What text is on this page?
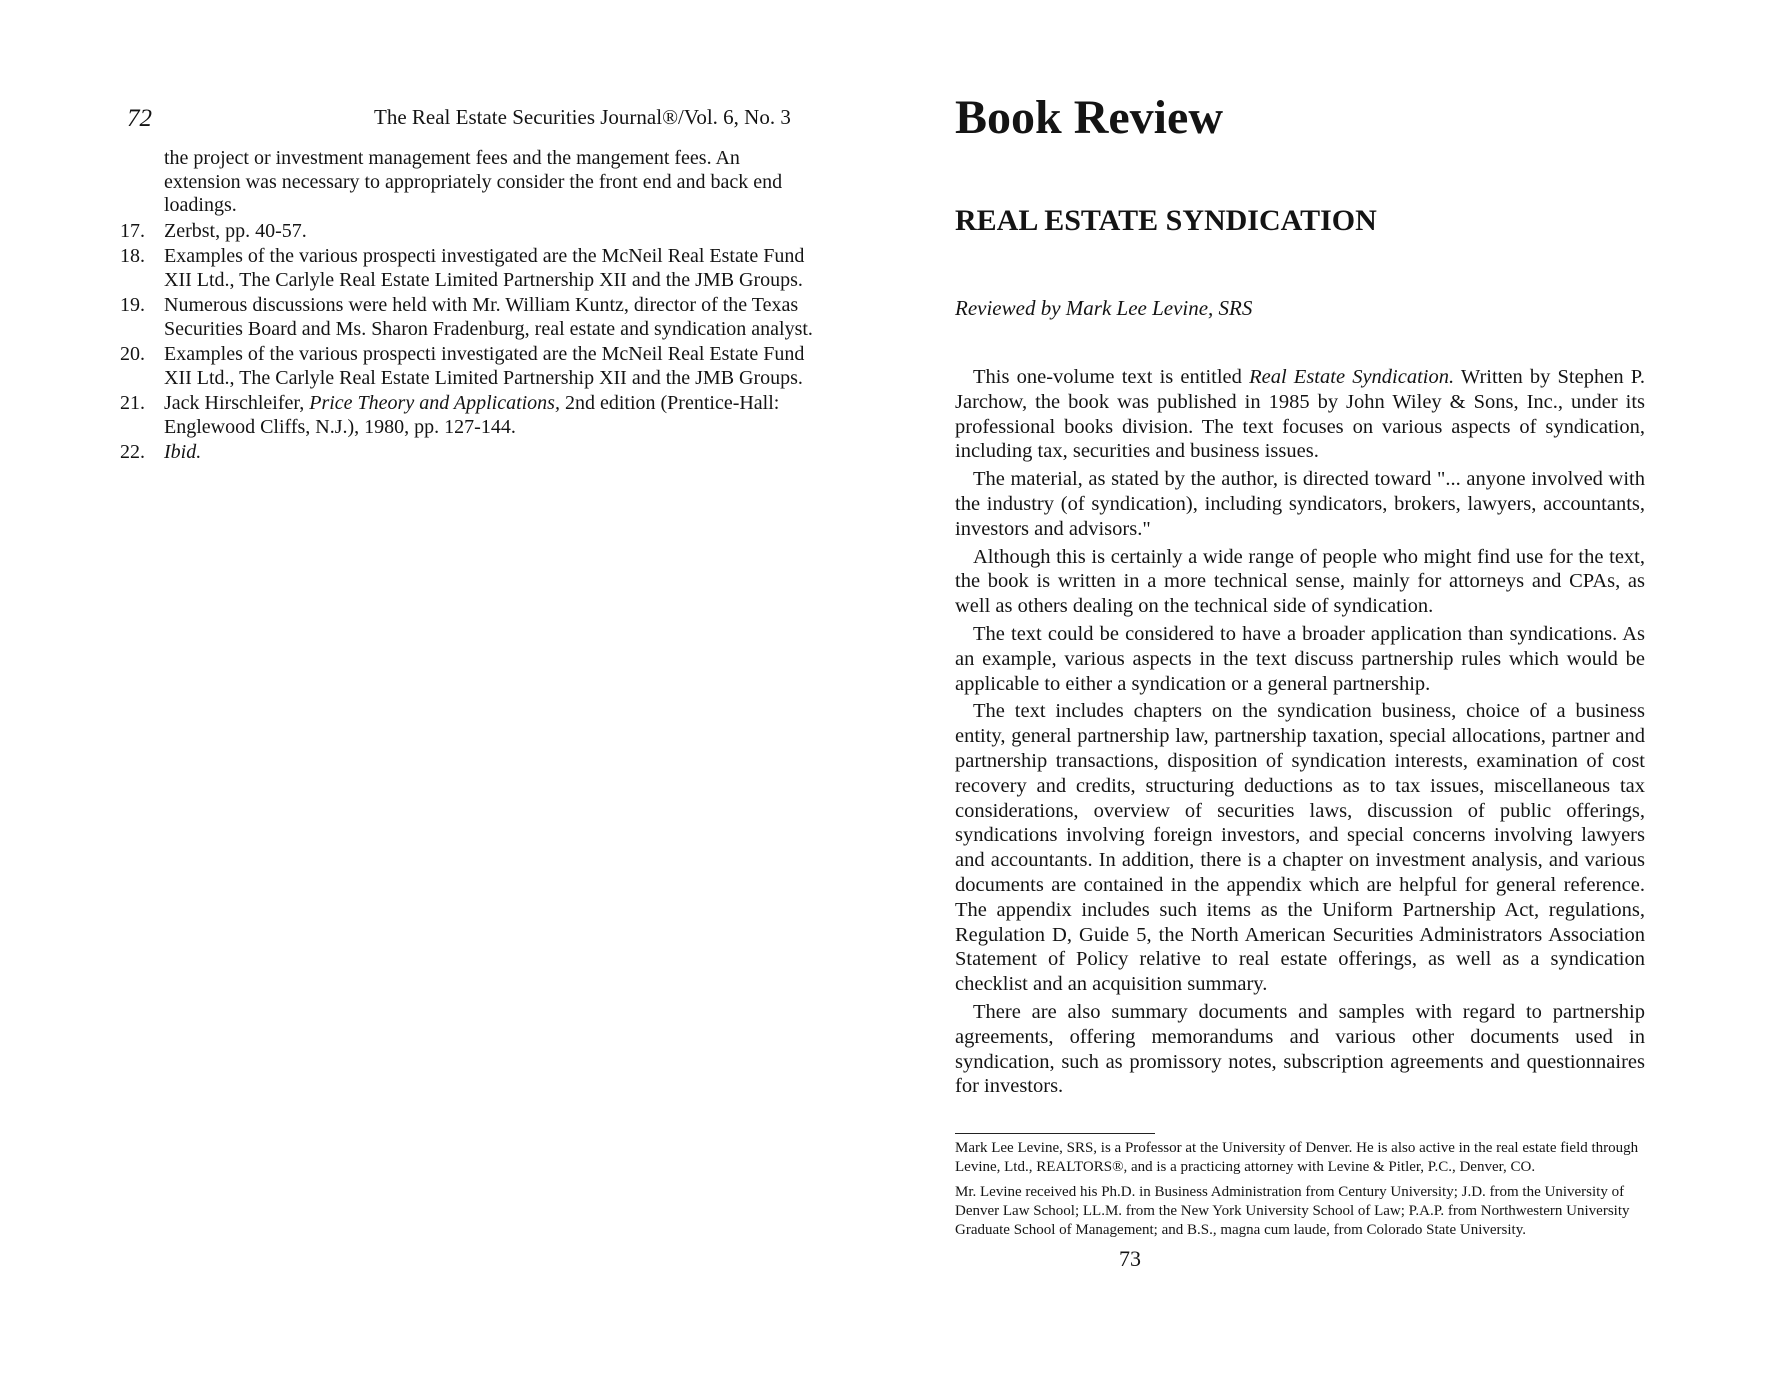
72	The Real Estate Securities Journal®/Vol. 6, No. 3
the project or investment management fees and the mangement fees. An extension was necessary to appropriately consider the front end and back end loadings.
17. Zerbst, pp. 40-57.
18. Examples of the various prospecti investigated are the McNeil Real Estate Fund XII Ltd., The Carlyle Real Estate Limited Partnership XII and the JMB Groups.
19. Numerous discussions were held with Mr. William Kuntz, director of the Texas Securities Board and Ms. Sharon Fradenburg, real estate and syndication analyst.
20. Examples of the various prospecti investigated are the McNeil Real Estate Fund XII Ltd., The Carlyle Real Estate Limited Partnership XII and the JMB Groups.
21. Jack Hirschleifer, Price Theory and Applications, 2nd edition (Prentice-Hall: Englewood Cliffs, N.J.), 1980, pp. 127-144.
22. Ibid.
Book Review
REAL ESTATE SYNDICATION
Reviewed by Mark Lee Levine, SRS

This one-volume text is entitled Real Estate Syndication. Written by Stephen P. Jarchow, the book was published in 1985 by John Wiley & Sons, Inc., under its professional books division. The text focuses on various aspects of syndication, including tax, securities and business issues.

The material, as stated by the author, is directed toward "... anyone involved with the industry (of syndication), including syndicators, brokers, lawyers, accountants, investors and advisors."

Although this is certainly a wide range of people who might find use for the text, the book is written in a more technical sense, mainly for attorneys and CPAs, as well as others dealing on the technical side of syndication.

The text could be considered to have a broader application than syndications. As an example, various aspects in the text discuss partnership rules which would be applicable to either a syndication or a general partnership.

The text includes chapters on the syndication business, choice of a business entity, general partnership law, partnership taxation, special allocations, partner and partnership transactions, disposition of syndication interests, examination of cost recovery and credits, structuring deductions as to tax issues, miscellaneous tax considerations, overview of securities laws, discussion of public offerings, syndications involving foreign investors, and special concerns involving lawyers and accountants. In addition, there is a chapter on investment analysis, and various documents are contained in the appendix which are helpful for general reference. The appendix includes such items as the Uniform Partnership Act, regulations, Regulation D, Guide 5, the North American Securities Administrators Association Statement of Policy relative to real estate offerings, as well as a syndication checklist and an acquisition summary.

There are also summary documents and samples with regard to partnership agreements, offering memorandums and various other documents used in syndication, such as promissory notes, subscription agreements and questionnaires for investors.

Mark Lee Levine, SRS, is a Professor at the University of Denver. He is also active in the real estate field through Levine, Ltd., REALTORS®, and is a practicing attorney with Levine & Pitler, P.C., Denver, CO.

Mr. Levine received his Ph.D. in Business Administration from Century University; J.D. from the University of Denver Law School; LL.M. from the New York University School of Law; P.A.P. from Northwestern University Graduate School of Management; and B.S., magna cum laude, from Colorado State University.

73
